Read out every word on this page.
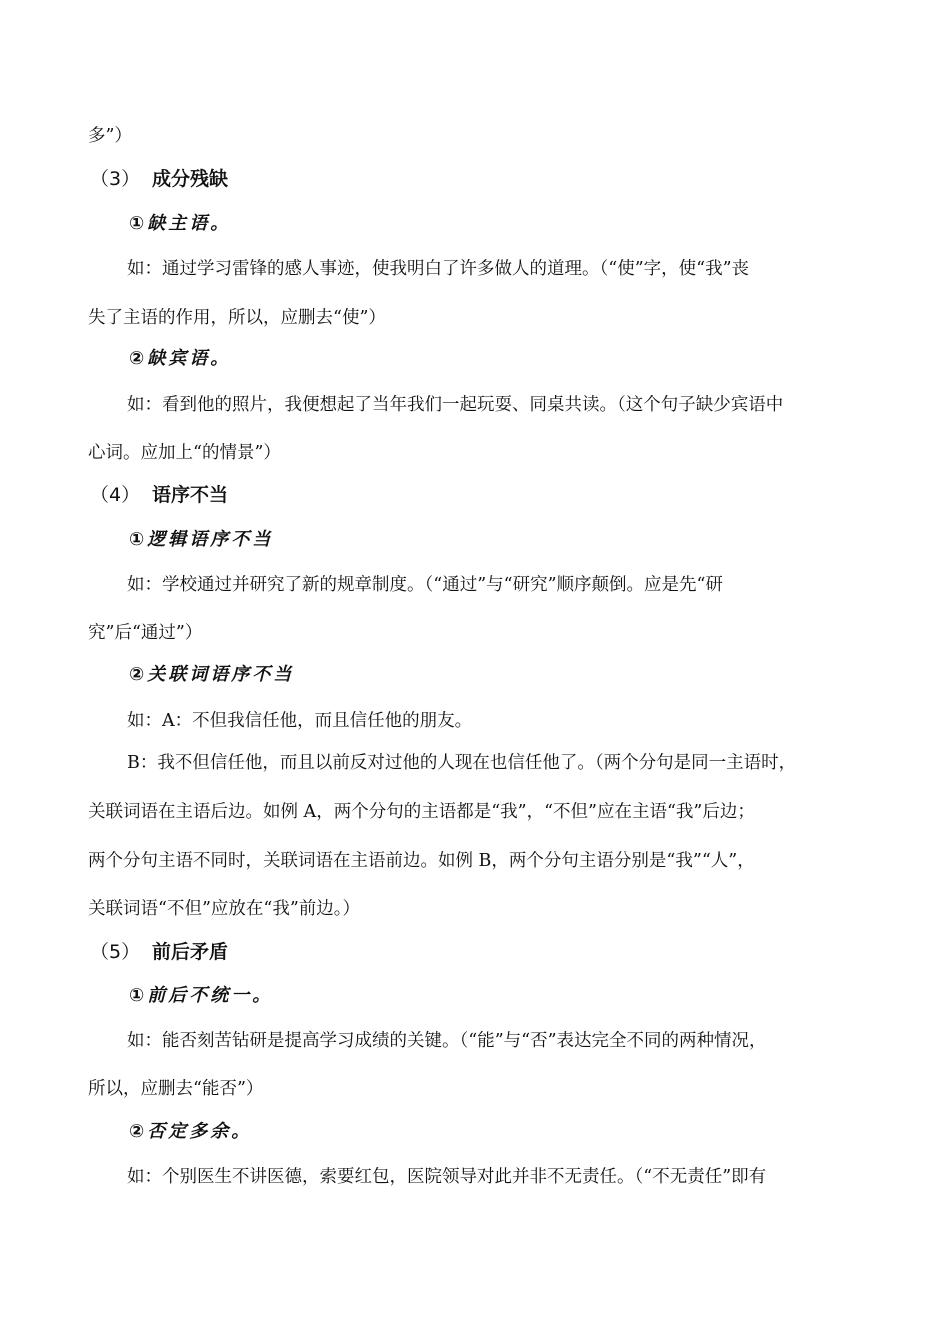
多”）
（3） 成分残缺
①缺主语。
如：通过学习雷锋的感人事迹，使我明白了许多做人的道理。（“使”字，使“我”丧
失了主语的作用，所以，应删去“使”）
②缺宾语。
如：看到他的照片，我便想起了当年我们一起玩耍、同桌共读。（这个句子缺少宾语中
心词。应加上“的情景”）
（4） 语序不当
①逻辑语序不当
如：学校通过并研究了新的规章制度。（“通过”与“研究”顺序颠倒。应是先“研
究”后“通过”）
②关联词语序不当
如：A：不但我信任他，而且信任他的朋友。
B：我不但信任他，而且以前反对过他的人现在也信任他了。（两个分句是同一主语时，
关联词语在主语后边。如例 A，两个分句的主语都是“我”，“不但”应在主语“我”后边；
两个分句主语不同时，关联词语在主语前边。如例 B，两个分句主语分别是“我”“人”，
关联词语“不但”应放在“我”前边。）
（5） 前后矛盾
①前后不统一。
如：能否刻苦钻研是提高学习成绩的关键。（“能”与“否”表达完全不同的两种情况，
所以，应删去“能否”）
②否定多余。
如：个别医生不讲医德，索要红包，医院领导对此并非不无责任。（“不无责任”即有
